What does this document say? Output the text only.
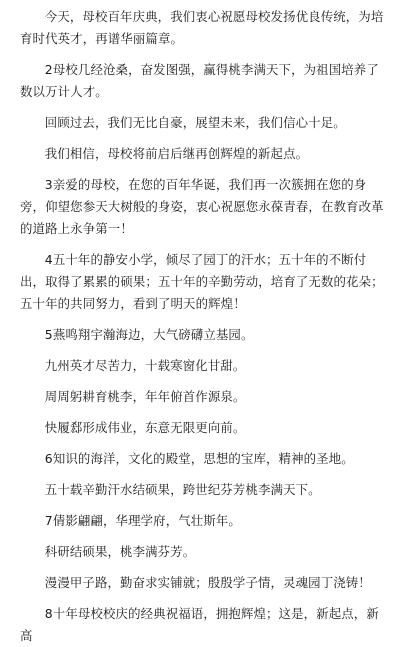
今天，母校百年庆典，我们衷心祝愿母校发扬优良传统，为培育时代英才，再谱华丽篇章。

2母校几经沧桑，奋发图强，赢得桃李满天下，为祖国培养了数以万计人才。

回顾过去，我们无比自豪，展望未来，我们信心十足。

我们相信，母校将前启后继再创辉煌的新起点。

3亲爱的母校，在您的百年华诞，我们再一次簇拥在您的身旁，仰望您参天大树般的身姿，衷心祝愿您永葆青春，在教育改革的道路上永争第一！

4五十年的静安小学，倾尽了园丁的汗水；五十年的不断付出，取得了累累的硕果；五十年的辛勤劳动，培育了无数的花朵；五十年的共同努力，看到了明天的辉煌！

5燕鸣翔宇瀚海边，大气磅礴立基园。

九州英才尽苦力，十载寒窗化甘甜。

周周躬耕育桃李，年年俯首作源泉。

快履郄形成伟业，东意无限更向前。

6知识的海洋，文化的殿堂，思想的宝库，精神的圣地。

五十载辛勤汗水结硕果，跨世纪芬芳桃李满天下。

7倩影翩翩，华理学府，气壮斯年。

科研结硕果，桃李满芬芳。

漫漫甲子路，勤奋求实铺就；殷殷学子情，灵魂园丁浇铸！

8十年母校校庆的经典祝福语，拥抱辉煌；这是，新起点，新高
